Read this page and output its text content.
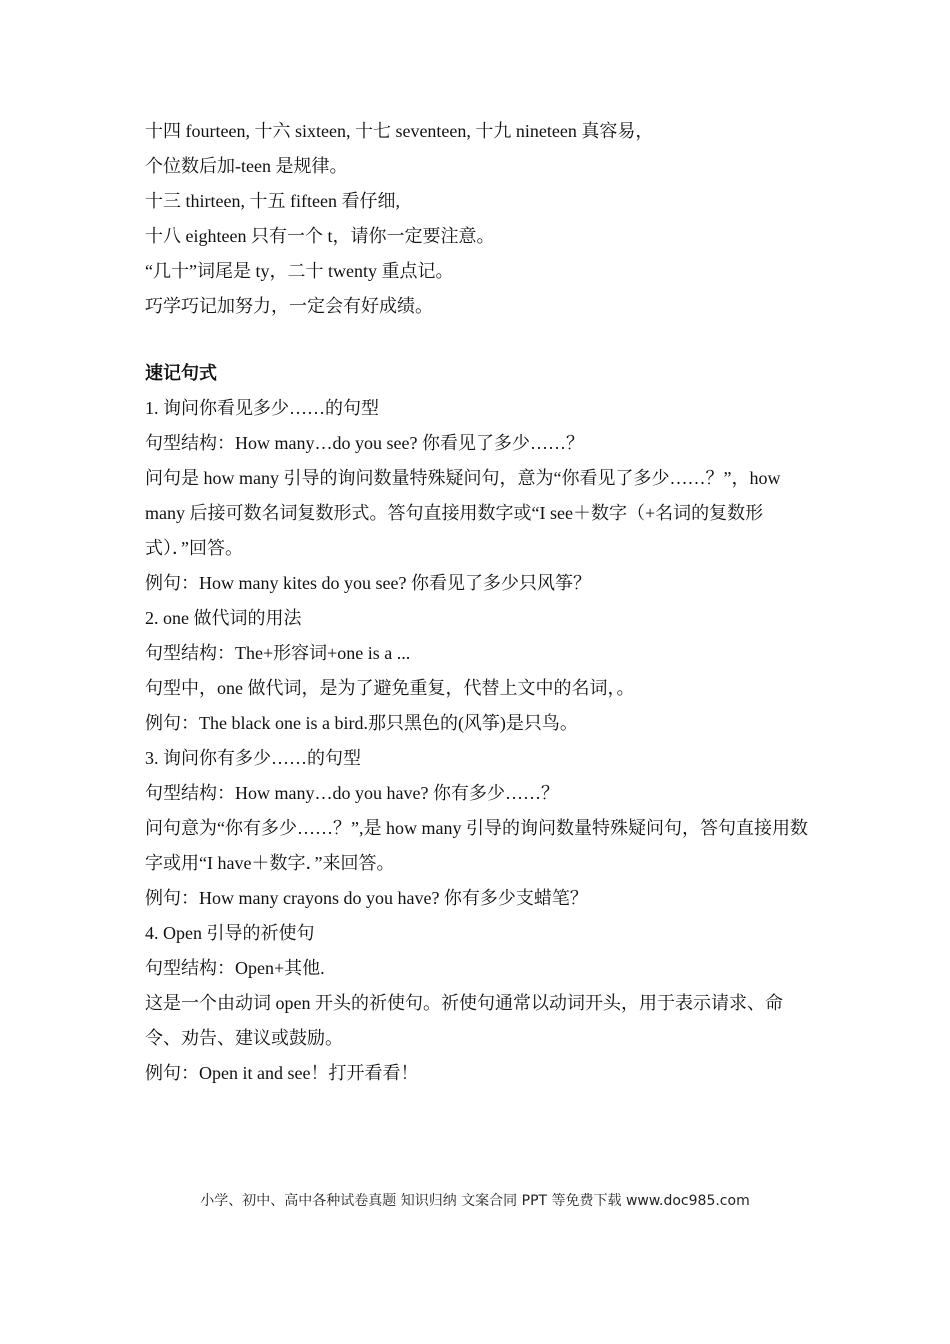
十四 fourteen, 十六 sixteen, 十七 seventeen, 十九 nineteen 真容易，
个位数后加-teen 是规律。
十三 thirteen, 十五 fifteen 看仔细,
十八 eighteen 只有一个 t，请你一定要注意。
“几十”词尾是 ty，二十 twenty 重点记。
巧学巧记加努力，一定会有好成绩。
速记句式
1. 询问你看见多少……的句型
句型结构：How many…do you see? 你看见了多少……？
问句是 how many 引导的询问数量特殊疑问句，意为“你看见了多少……？”，how many 后接可数名词复数形式。答句直接用数字或“I see＋数字（+名词的复数形式）．”回答。
例句：How many kites do you see? 你看见了多少只风筝？
2. one 做代词的用法
句型结构：The+形容词+one is a ...
句型中，one 做代词，是为了避免重复，代替上文中的名词，。
例句：The black one is a bird.那只黑色的(风筝)是只鸟。
3. 询问你有多少……的句型
句型结构：How many…do you have? 你有多少……？
问句意为“你有多少……？”,是 how many 引导的询问数量特殊疑问句，答句直接用数字或用“I have＋数字．”来回答。
例句：How many crayons do you have? 你有多少支蜡笔？
4. Open 引导的祈使句
句型结构：Open+其他.
这是一个由动词 open 开头的祈使句。祈使句通常以动词开头，用于表示请求、命令、劝告、建议或鼓励。
例句：Open it and see！打开看看！
小学、初中、高中各种试卷真题 知识归纳 文案合同 PPT 等免费下载 www.doc985.com
